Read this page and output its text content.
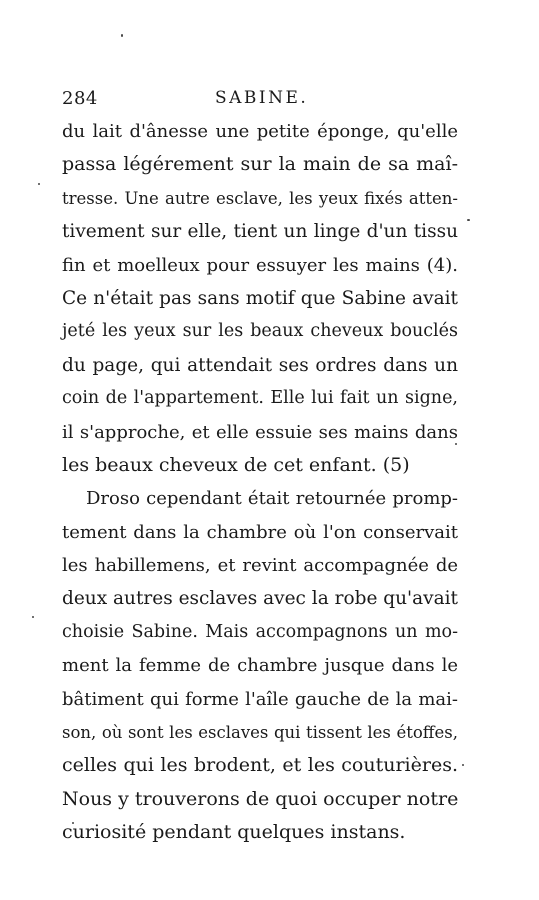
284	SABINE.
du lait d'ânesse une petite éponge, qu'elle
passa légérement sur la main de sa maî-
tresse. Une autre esclave, les yeux fixés atten-
tivement sur elle, tient un linge d'un tissu
fin et moelleux pour essuyer les mains (4).
Ce n'était pas sans motif que Sabine avait
jeté les yeux sur les beaux cheveux bouclés
du page, qui attendait ses ordres dans un
coin de l'appartement. Elle lui fait un signe,
il s'approche, et elle essuie ses mains dans
les beaux cheveux de cet enfant. (5)
Droso cependant était retournée promp-
tement dans la chambre où l'on conservait
les habillemens, et revint accompagnée de
deux autres esclaves avec la robe qu'avait
choisie Sabine. Mais accompagnons un mo-
ment la femme de chambre jusque dans le
bâtiment qui forme l'aîle gauche de la mai-
son, où sont les esclaves qui tissent les étoffes,
celles qui les brodent, et les couturières.
Nous y trouverons de quoi occuper notre
curiosité pendant quelques instans.
